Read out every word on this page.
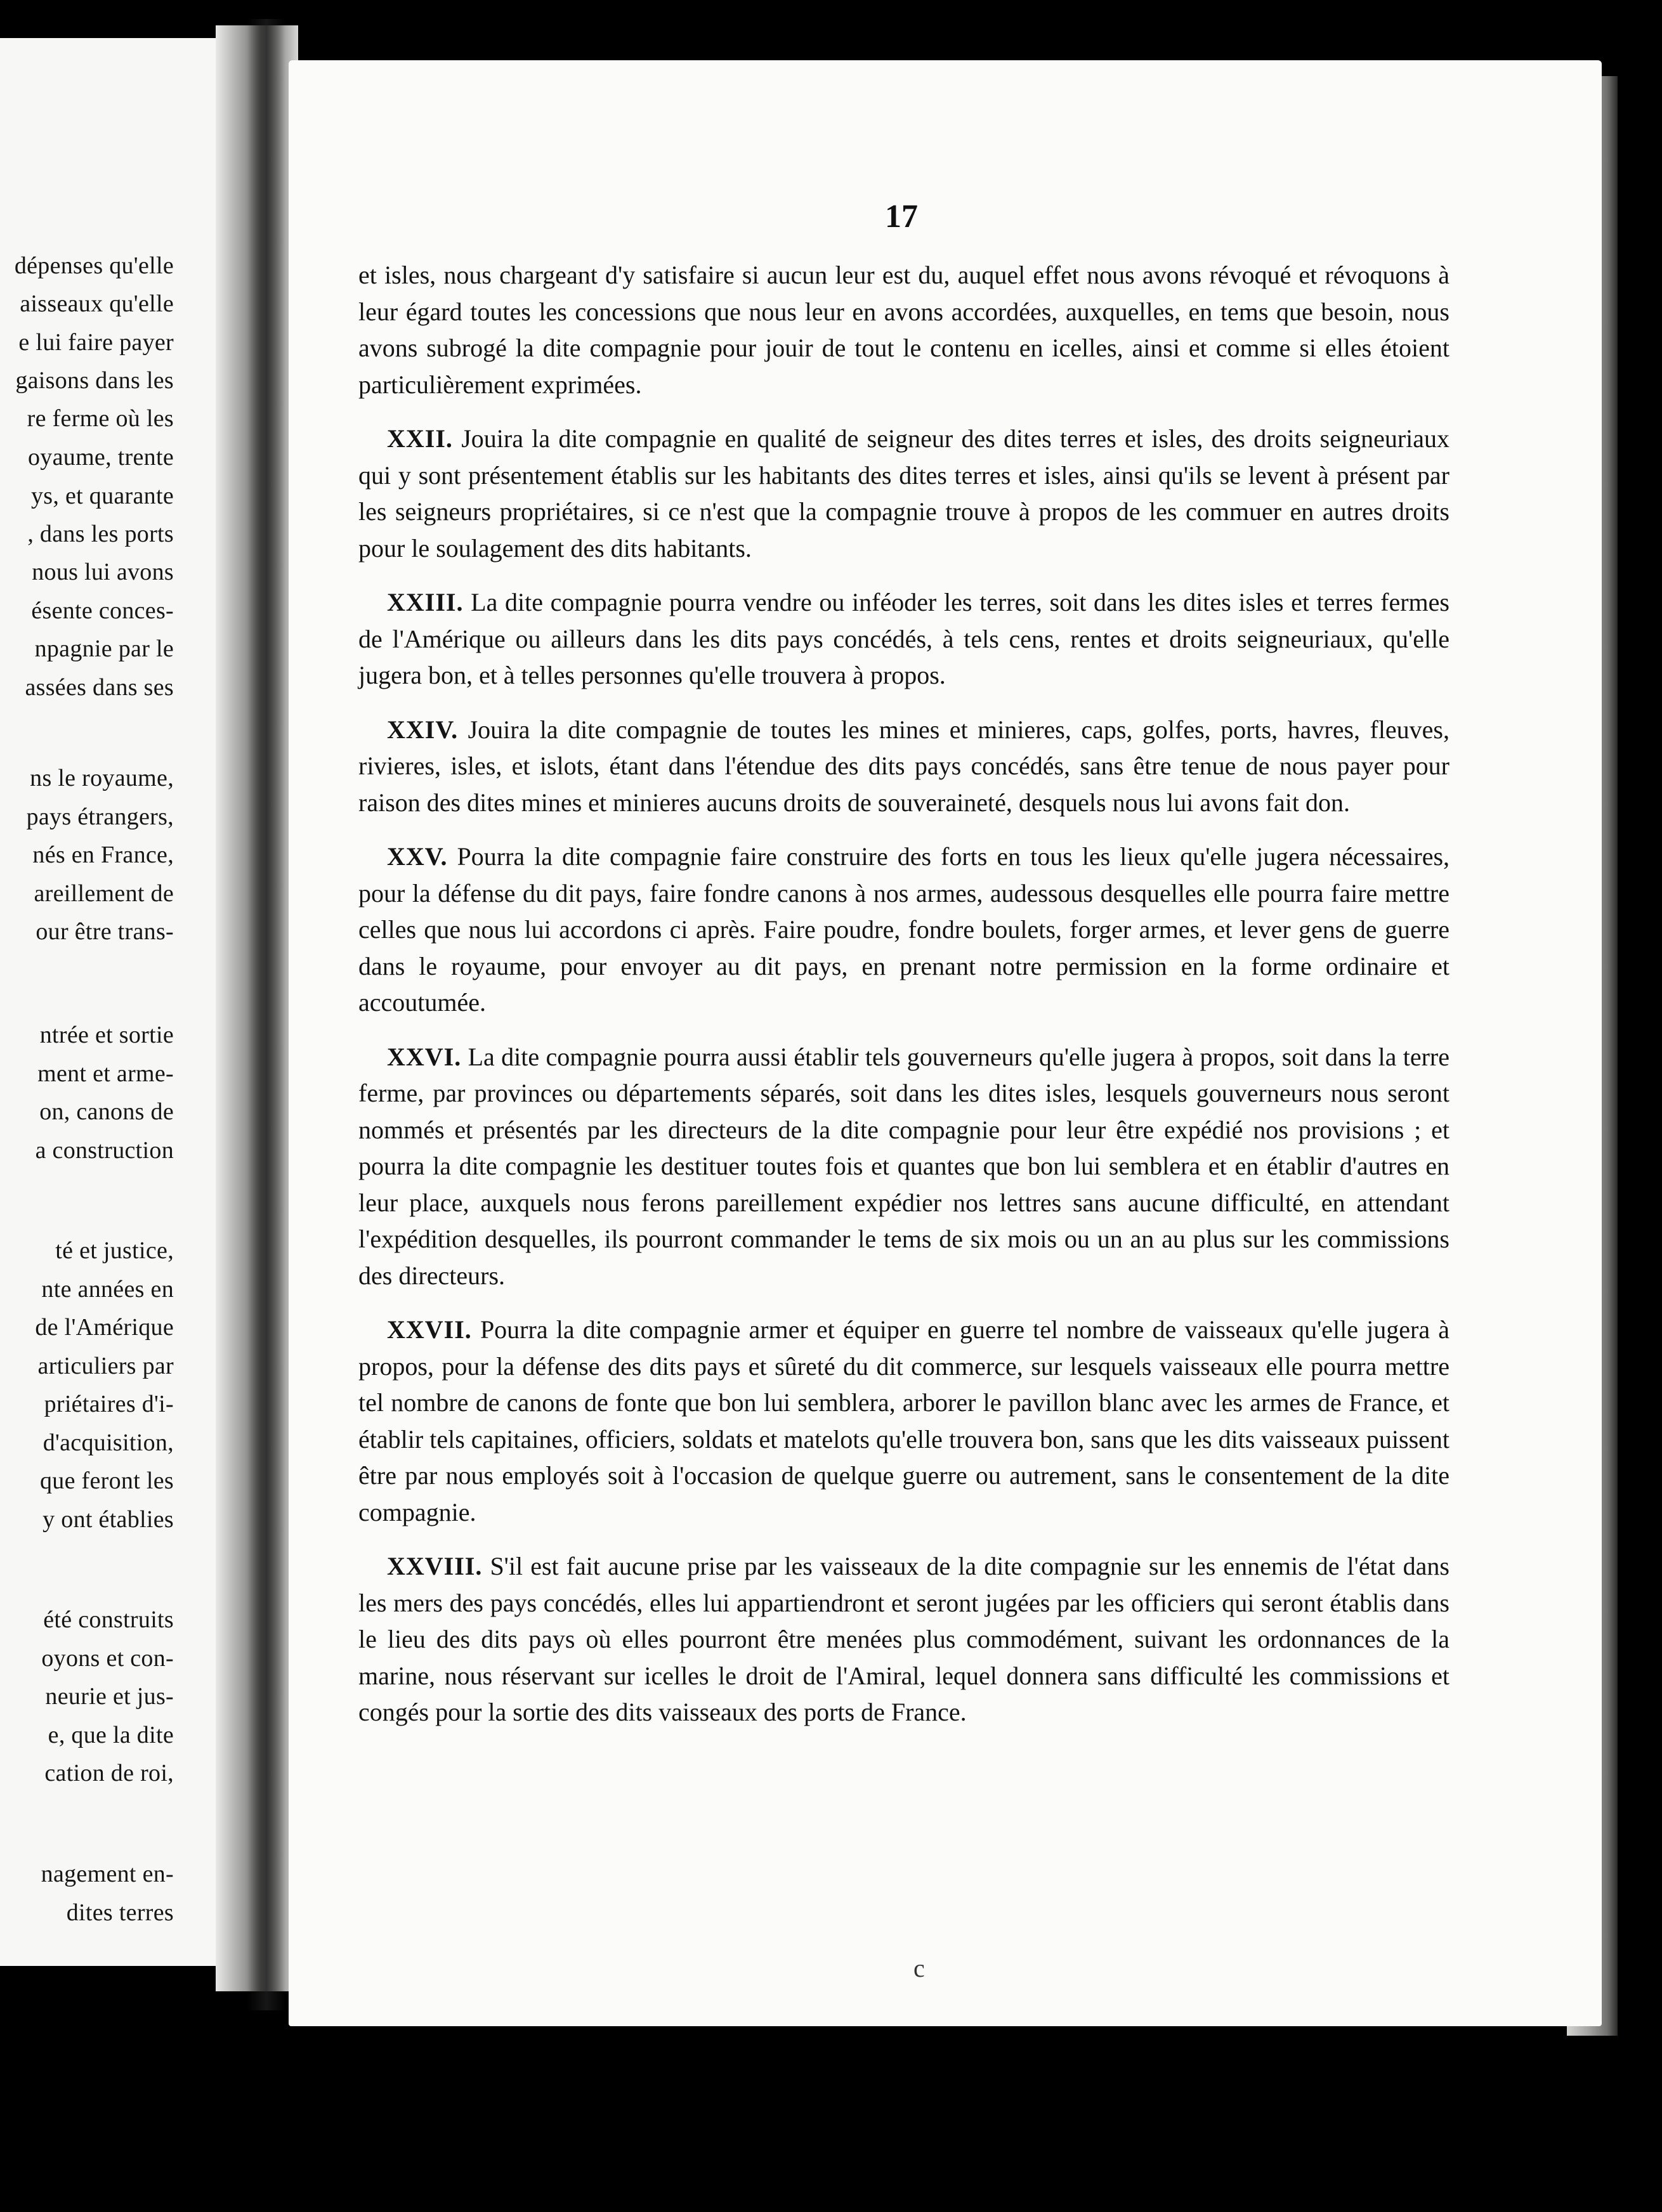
dépenses qu'elle
aisseaux qu'elle
e lui faire payer
gaisons dans les
re ferme où les
oyaume, trente
ys, et quarante
, dans les ports
nous lui avons
ésente conces-
npagnie par le
assées dans ses
ns le royaume,
pays étrangers,
nés en France,
areillement de
our être trans-
ntrée et sortie
ment et arme-
on, canons de
a construction
té et justice,
nte années en
de l'Amérique
articuliers par
priétaires d'i-
d'acquisition,
que feront les
y ont établies
été construits
oyons et con-
neurie et jus-
e, que la dite
cation de roi,
nagement en-
dites terres
17

et isles, nous chargeant d'y satisfaire si aucun leur est du, auquel effet nous avons révoqué et révoquons à leur égard toutes les concessions que nous leur en avons accordées, auxquelles, en tems que besoin, nous avons subrogé la dite compagnie pour jouir de tout le contenu en icelles, ainsi et comme si elles étoient particulièrement exprimées.

XXII. Jouira la dite compagnie en qualité de seigneur des dites terres et isles, des droits seigneuriaux qui y sont présentement établis sur les habitants des dites terres et isles, ainsi qu'ils se levent à présent par les seigneurs propriétaires, si ce n'est que la compagnie trouve à propos de les commuer en autres droits pour le soulagement des dits habitants.

XXIII. La dite compagnie pourra vendre ou inféoder les terres, soit dans les dites isles et terres fermes de l'Amérique ou ailleurs dans les dits pays concédés, à tels cens, rentes et droits seigneuriaux, qu'elle jugera bon, et à telles personnes qu'elle trouvera à propos.

XXIV. Jouira la dite compagnie de toutes les mines et minieres, caps, golfes, ports, havres, fleuves, rivieres, isles, et islots, étant dans l'étendue des dits pays concédés, sans être tenue de nous payer pour raison des dites mines et minieres aucuns droits de souveraineté, desquels nous lui avons fait don.

XXV. Pourra la dite compagnie faire construire des forts en tous les lieux qu'elle jugera nécessaires, pour la défense du dit pays, faire fondre canons à nos armes, audessous desquelles elle pourra faire mettre celles que nous lui accordons ci après. Faire poudre, fondre boulets, forger armes, et lever gens de guerre dans le royaume, pour envoyer au dit pays, en prenant notre permission en la forme ordinaire et accoutumée.

XXVI. La dite compagnie pourra aussi établir tels gouverneurs qu'elle jugera à propos, soit dans la terre ferme, par provinces ou départements séparés, soit dans les dites isles, lesquels gouverneurs nous seront nommés et présentés par les directeurs de la dite compagnie pour leur être expédié nos provisions ; et pourra la dite compagnie les destituer toutes fois et quantes que bon lui semblera et en établir d'autres en leur place, auxquels nous ferons pareillement expédier nos lettres sans aucune difficulté, en attendant l'expédition desquelles, ils pourront commander le tems de six mois ou un an au plus sur les commissions des directeurs.

XXVII. Pourra la dite compagnie armer et équiper en guerre tel nombre de vaisseaux qu'elle jugera à propos, pour la défense des dits pays et sûreté du dit commerce, sur lesquels vaisseaux elle pourra mettre tel nombre de canons de fonte que bon lui semblera, arborer le pavillon blanc avec les armes de France, et établir tels capitaines, officiers, soldats et matelots qu'elle trouvera bon, sans que les dits vaisseaux puissent être par nous employés soit à l'occasion de quelque guerre ou autrement, sans le consentement de la dite compagnie.

XXVIII. S'il est fait aucune prise par les vaisseaux de la dite compagnie sur les ennemis de l'état dans les mers des pays concédés, elles lui appartiendront et seront jugées par les officiers qui seront établis dans le lieu des dits pays où elles pourront être menées plus commodément, suivant les ordonnances de la marine, nous réservant sur icelles le droit de l'Amiral, lequel donnera sans difficulté les commissions et congés pour la sortie des dits vaisseaux des ports de France.

c
